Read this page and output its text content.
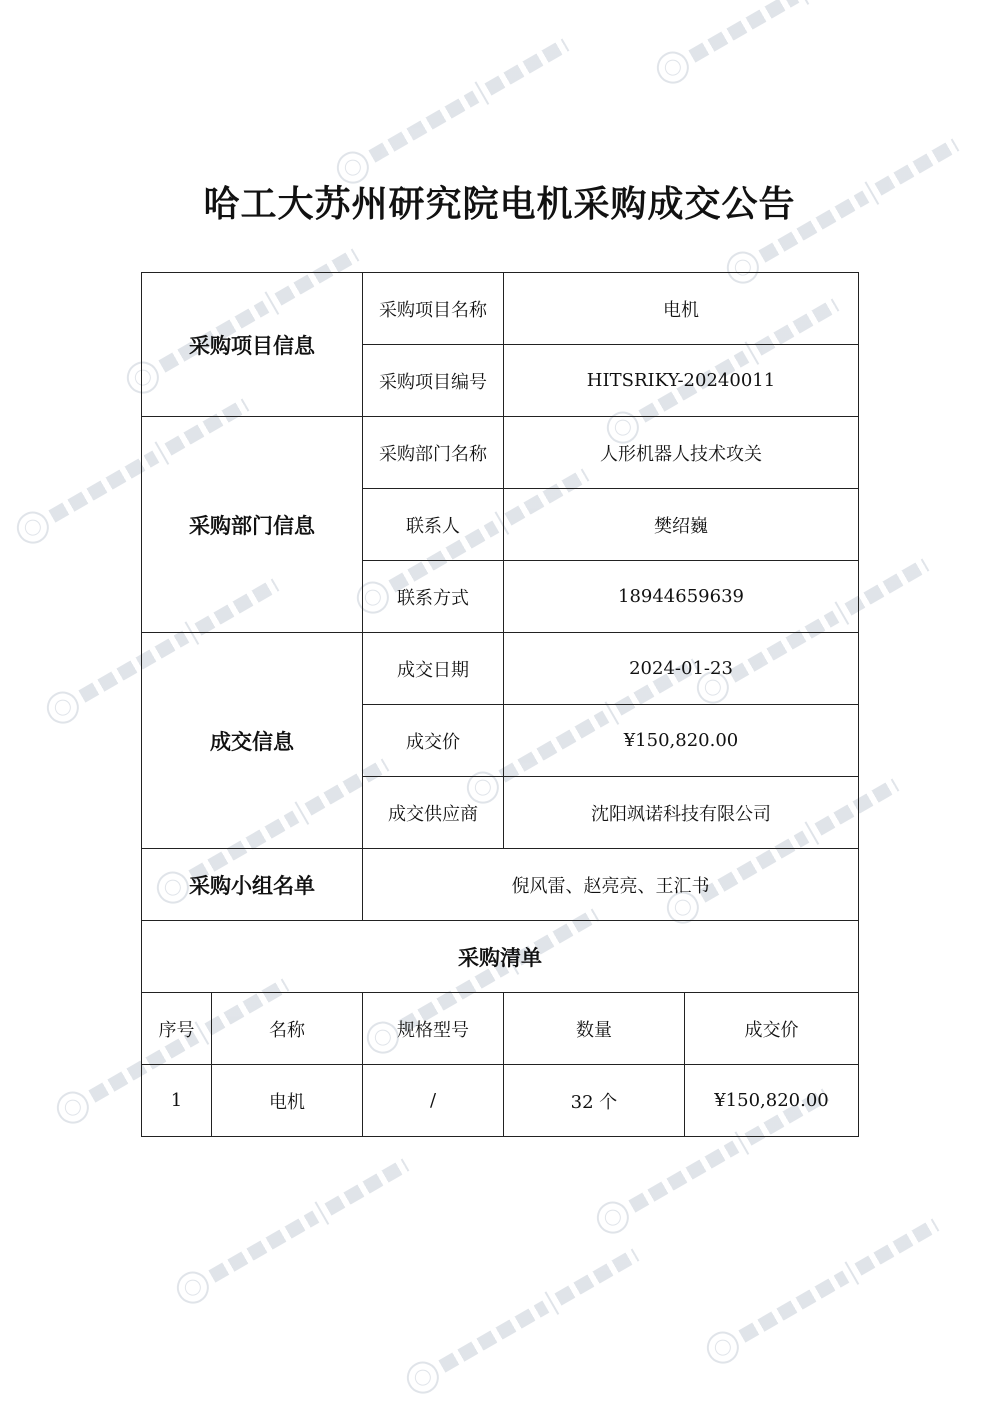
哈工大苏州研究院电机采购成交公告
采购项目信息		采购项目名称	电机	
		采购项目编号	HITSRIKY-20240011	
采购部门信息		采购部门名称	人形机器人技术攻关	
		联系人	樊绍巍	
		联系方式	18944659639	
成交信息		成交日期	2024-01-23	
		成交价	¥150,820.00	
		成交供应商	沈阳飒诺科技有限公司	
采购小组名单		倪风雷、赵亮亮、王汇书		
采购清单				
序号	名称	规格型号	数量	成交价
1	电机	/	32 个	¥150,820.00
